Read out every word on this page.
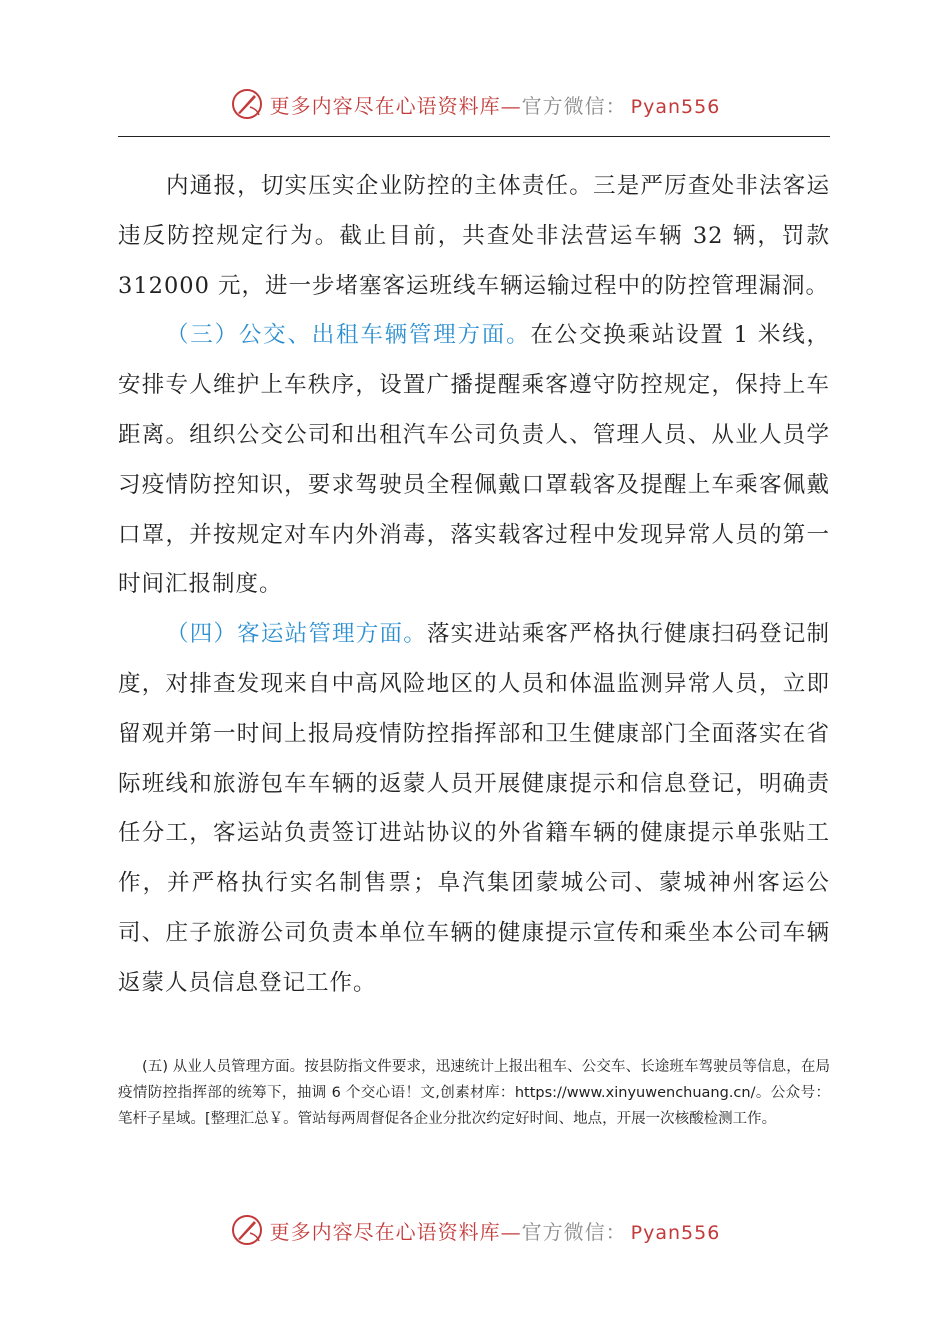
更多内容尽在心语资料库—官方微信： Pyan556

内通报，切实压实企业防控的主体责任。三是严厉查处非法客运违反防控规定行为。截止目前，共查处非法营运车辆 32 辆，罚款 312000 元，进一步堵塞客运班线车辆运输过程中的防控管理漏洞。

（三）公交、出租车辆管理方面。在公交换乘站设置 1 米线，安排专人维护上车秩序，设置广播提醒乘客遵守防控规定，保持上车距离。组织公交公司和出租汽车公司负责人、管理人员、从业人员学习疫情防控知识，要求驾驶员全程佩戴口罩载客及提醒上车乘客佩戴口罩，并按规定对车内外消毒，落实载客过程中发现异常人员的第一时间汇报制度。

（四）客运站管理方面。落实进站乘客严格执行健康扫码登记制度，对排查发现来自中高风险地区的人员和体温监测异常人员，立即留观并第一时间上报局疫情防控指挥部和卫生健康部门全面落实在省际班线和旅游包车车辆的返蒙人员开展健康提示和信息登记，明确责任分工，客运站负责签订进站协议的外省籍车辆的健康提示单张贴工作，并严格执行实名制售票；阜汽集团蒙城公司、蒙城神州客运公司、庄子旅游公司负责本单位车辆的健康提示宣传和乘坐本公司车辆返蒙人员信息登记工作。

(五) 从业人员管理方面。按县防指文件要求，迅速统计上报出租车、公交车、长途班车驾驶员等信息，在局疫情防控指挥部的统筹下，抽调 6 个交心语！文,创素材库：https://www.xinyuwenchuang.cn/。公众号：笔杆子星域。[整理汇总￥。管站每两周督促各企业分批次约定好时间、地点，开展一次核酸检测工作。

更多内容尽在心语资料库—官方微信： Pyan556
